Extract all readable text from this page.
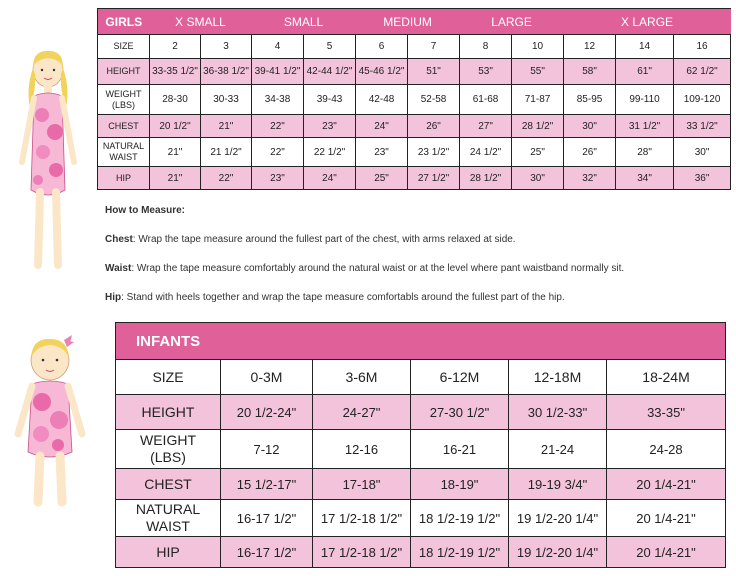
GIRLS	X SMALL		SMALL		MEDIUM		LARGE		X LARGE		
SIZE	2	3	4	5	6	7	8	10	12	14	16
HEIGHT	33-35 1/2"	36-38 1/2"	39-41 1/2"	42-44 1/2"	45-46 1/2"	51"	53"	55"	58"	61"	62 1/2"
WEIGHT
(LBS)	28-30	30-33	34-38	39-43	42-48	52-58	61-68	71-87	85-95	99-110	109-120
CHEST	20 1/2"	21"	22"	23"	24"	26"	27"	28 1/2"	30"	31 1/2"	33 1/2"
NATURAL
WAIST	21"	21 1/2"	22"	22 1/2"	23"	23 1/2"	24 1/2"	25"	26"	28"	30"
HIP	21"	22"	23"	24"	25"	27 1/2"	28 1/2"	30"	32"	34"	36"
How to Measure:
Chest: Wrap the tape measure around the fullest part of the chest, with arms relaxed at side.
Waist: Wrap the tape measure comfortably around the natural waist or at the level where pant waistband normally sit.
Hip: Stand with heels together and wrap the tape measure comfortabls around the fullest part of the hip.
INFANTS					
SIZE	0-3M	3-6M	6-12M	12-18M	18-24M
HEIGHT	20 1/2-24"	24-27"	27-30 1/2"	30 1/2-33"	33-35"
WEIGHT
(LBS)	7-12	12-16	16-21	21-24	24-28
CHEST	15 1/2-17"	17-18"	18-19"	19-19 3/4"	20 1/4-21"
NATURAL
WAIST	16-17 1/2"	17 1/2-18 1/2"	18 1/2-19 1/2"	19 1/2-20 1/4"	20 1/4-21"
HIP	16-17 1/2"	17 1/2-18 1/2"	18 1/2-19 1/2"	19 1/2-20 1/4"	20 1/4-21"
